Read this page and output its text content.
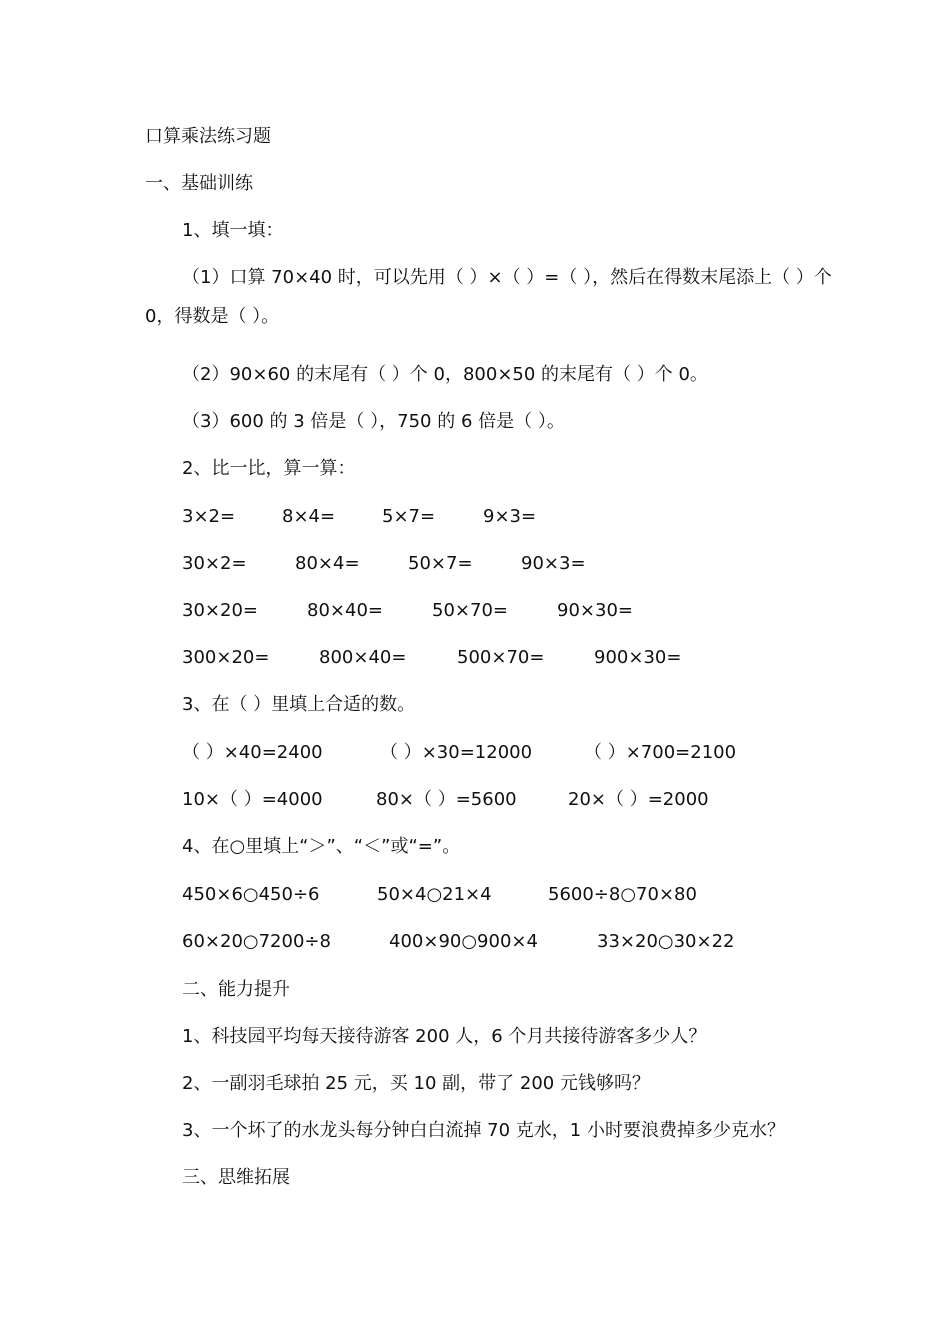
口算乘法练习题
一、基础训练
1、填一填：
（1）口算 70×40 时，可以先用（ ）×（ ）=（ ），然后在得数末尾添上（ ）个
0，得数是（ ）。
（2）90×60 的末尾有（ ）个 0，800×50 的末尾有（ ）个 0。
（3）600 的 3 倍是（ ），750 的 6 倍是（ ）。
2、比一比，算一算：
3×2=	8×4=	5×7=	9×3=
30×2=	80×4=	50×7=	90×3=
30×20=	80×40=	50×70=	90×30=
300×20=	800×40=	500×70=	900×30=
3、在（ ）里填上合适的数。
（ ）×40=2400	（ ）×30=12000	（ ）×700=2100
10×（ ）=4000	80×（ ）=5600	20×（ ）=2000
4、在○里填上“＞”、“＜”或“=”。
450×6○450÷6	50×4○21×4	5600÷8○70×80
60×20○7200÷8	400×90○900×4	33×20○30×22
二、能力提升
1、科技园平均每天接待游客 200 人，6 个月共接待游客多少人？
2、一副羽毛球拍 25 元，买 10 副，带了 200 元钱够吗？
3、一个坏了的水龙头每分钟白白流掉 70 克水，1 小时要浪费掉多少克水？
三、思维拓展
